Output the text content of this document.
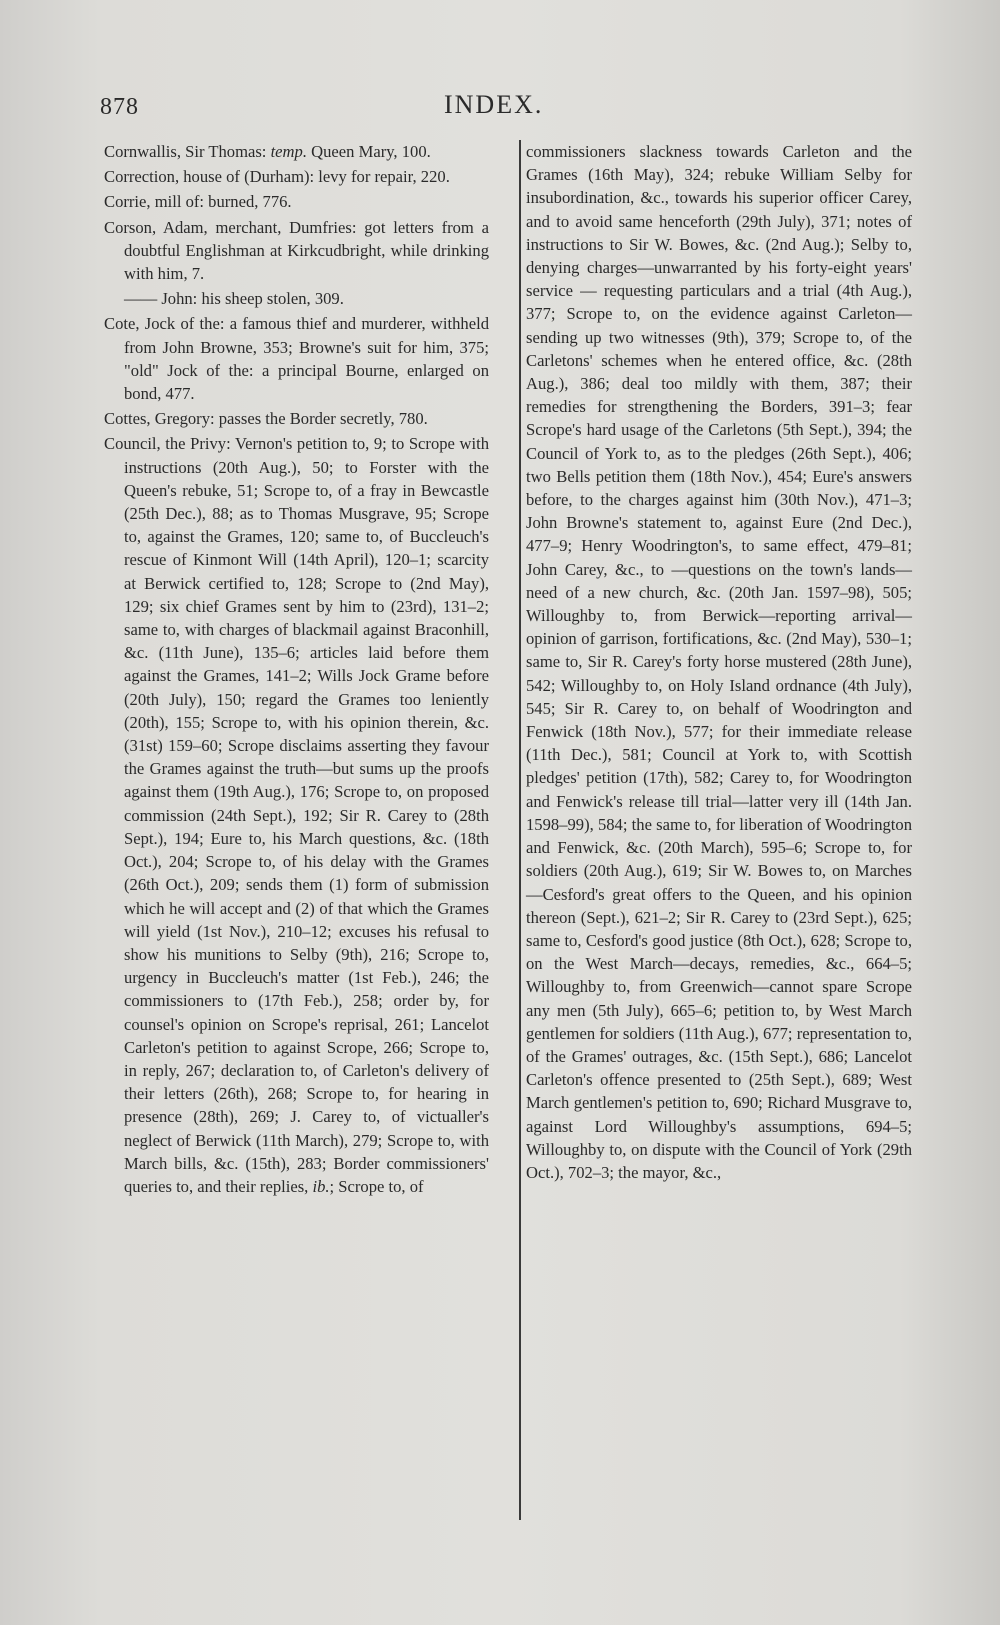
878	INDEX.

Cornwallis, Sir Thomas: temp. Queen Mary, 100.

Correction, house of (Durham): levy for repair, 220.

Corrie, mill of: burned, 776.

Corson, Adam, merchant, Dumfries: got letters from a doubtful Englishman at Kirkcudbright, while drinking with him, 7.

—— John: his sheep stolen, 309.

Cote, Jock of the: a famous thief and murderer, withheld from John Browne, 353; Browne's suit for him, 375; "old" Jock of the: a principal Bourne, enlarged on bond, 477.

Cottes, Gregory: passes the Border secretly, 780.

Council, the Privy: Vernon's petition to, 9; to Scrope with instructions (20th Aug.), 50; to Forster with the Queen's rebuke, 51; Scrope to, of a fray in Bewcastle (25th Dec.), 88; as to Thomas Musgrave, 95; Scrope to, against the Grames, 120; same to, of Buccleuch's rescue of Kinmont Will (14th April), 120–1; scarcity at Berwick certified to, 128; Scrope to (2nd May), 129; six chief Grames sent by him to (23rd), 131–2; same to, with charges of blackmail against Braconhill, &c. (11th June), 135–6; articles laid before them against the Grames, 141–2; Wills Jock Grame before (20th July), 150; regard the Grames too leniently (20th), 155; Scrope to, with his opinion therein, &c. (31st) 159–60; Scrope disclaims asserting they favour the Grames against the truth—but sums up the proofs against them (19th Aug.), 176; Scrope to, on proposed commission (24th Sept.), 192; Sir R. Carey to (28th Sept.), 194; Eure to, his March questions, &c. (18th Oct.), 204; Scrope to, of his delay with the Grames (26th Oct.), 209; sends them (1) form of submission which he will accept and (2) of that which the Grames will yield (1st Nov.), 210–12; excuses his refusal to show his munitions to Selby (9th), 216; Scrope to, urgency in Buccleuch's matter (1st Feb.), 246; the commissioners to (17th Feb.), 258; order by, for counsel's opinion on Scrope's reprisal, 261; Lancelot Carleton's petition to against Scrope, 266; Scrope to, in reply, 267; declaration to, of Carleton's delivery of their letters (26th), 268; Scrope to, for hearing in presence (28th), 269; J. Carey to, of victualler's neglect of Berwick (11th March), 279; Scrope to, with March bills, &c. (15th), 283; Border commissioners' queries to, and their replies, ib.; Scrope to, of

commissioners slackness towards Carleton and the Grames (16th May), 324; rebuke William Selby for insubordination, &c., towards his superior officer Carey, and to avoid same henceforth (29th July), 371; notes of instructions to Sir W. Bowes, &c. (2nd Aug.); Selby to, denying charges—unwarranted by his forty-eight years' service — requesting particulars and a trial (4th Aug.), 377; Scrope to, on the evidence against Carleton—sending up two witnesses (9th), 379; Scrope to, of the Carletons' schemes when he entered office, &c. (28th Aug.), 386; deal too mildly with them, 387; their remedies for strengthening the Borders, 391–3; fear Scrope's hard usage of the Carletons (5th Sept.), 394; the Council of York to, as to the pledges (26th Sept.), 406; two Bells petition them (18th Nov.), 454; Eure's answers before, to the charges against him (30th Nov.), 471–3; John Browne's statement to, against Eure (2nd Dec.), 477–9; Henry Woodrington's, to same effect, 479–81; John Carey, &c., to —questions on the town's lands—need of a new church, &c. (20th Jan. 1597–98), 505; Willoughby to, from Berwick—reporting arrival—opinion of garrison, fortifications, &c. (2nd May), 530–1; same to, Sir R. Carey's forty horse mustered (28th June), 542; Willoughby to, on Holy Island ordnance (4th July), 545; Sir R. Carey to, on behalf of Woodrington and Fenwick (18th Nov.), 577; for their immediate release (11th Dec.), 581; Council at York to, with Scottish pledges' petition (17th), 582; Carey to, for Woodrington and Fenwick's release till trial—latter very ill (14th Jan. 1598–99), 584; the same to, for liberation of Woodrington and Fenwick, &c. (20th March), 595–6; Scrope to, for soldiers (20th Aug.), 619; Sir W. Bowes to, on Marches —Cesford's great offers to the Queen, and his opinion thereon (Sept.), 621–2; Sir R. Carey to (23rd Sept.), 625; same to, Cesford's good justice (8th Oct.), 628; Scrope to, on the West March—decays, remedies, &c., 664–5; Willoughby to, from Greenwich—cannot spare Scrope any men (5th July), 665–6; petition to, by West March gentlemen for soldiers (11th Aug.), 677; representation to, of the Grames' outrages, &c. (15th Sept.), 686; Lancelot Carleton's offence presented to (25th Sept.), 689; West March gentlemen's petition to, 690; Richard Musgrave to, against Lord Willoughby's assumptions, 694–5; Willoughby to, on dispute with the Council of York (29th Oct.), 702–3; the mayor, &c.,
